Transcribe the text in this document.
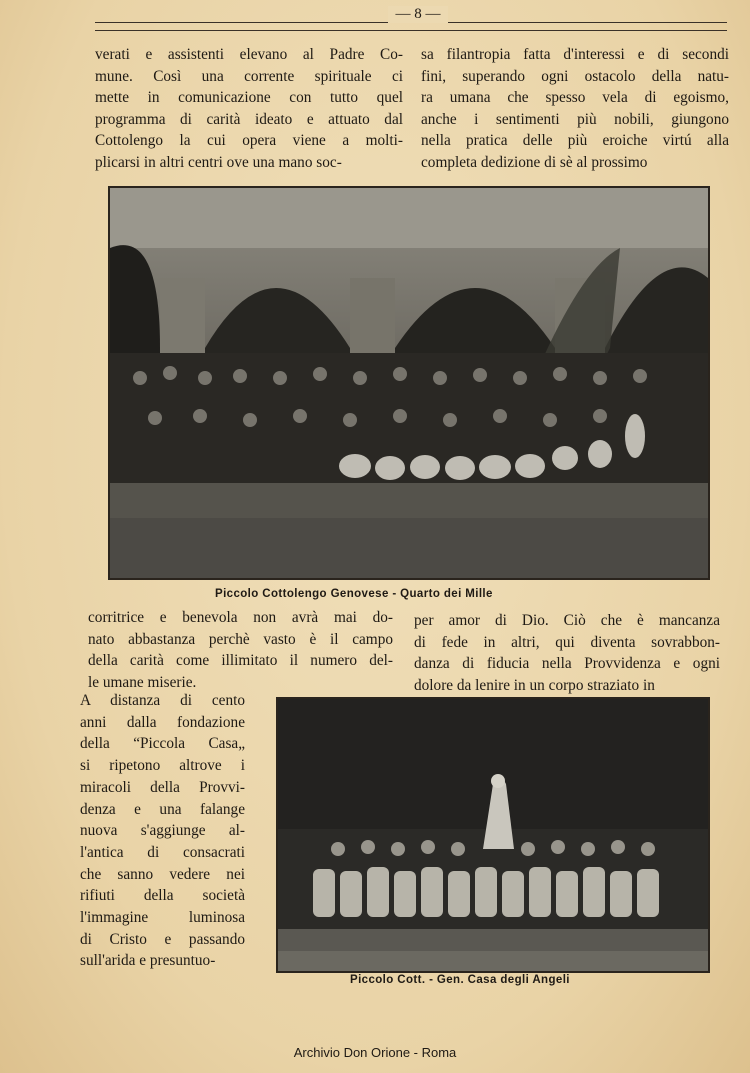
— 8 —
verati e assistenti elevano al Padre Co-
mune. Così una corrente spirituale ci
mette in comunicazione con tutto quel
programma di carità ideato e attuato dal
Cottolengo la cui opera viene a molti-
plicarsi in altri centri ove una mano soc-
sa filantropia fatta d'interessi e di secondi
fini, superando ogni ostacolo della natu-
ra umana che spesso vela di egoismo,
anche i sentimenti più nobili, giungono
nella pratica delle più eroiche virtú alla
completa dedizione di sè al prossimo
Piccolo Cottolengo Genovese - Quarto dei Mille
corritrice e benevola non avrà mai do-
nato abbastanza perchè vasto è il campo
della carità come illimitato il numero del-
le umane miserie.
per amor di Dio. Ciò che è mancanza
di fede in altri, qui diventa sovrabbon-
danza di fiducia nella Provvidenza e ogni
dolore da lenire in un corpo straziato in
A distanza di cento
anni dalla fondazione
della “Piccola Casa„
si ripetono altrove i
miracoli della Provvi-
denza e una falange
nuova s'aggiunge al-
l'antica di consacrati
che sanno vedere nei
rifiuti della società
l'immagine luminosa
di Cristo e passando
sull'arida e presuntuo-
Piccolo Cott. - Gen. Casa degli Angeli
Archivio Don Orione - Roma
